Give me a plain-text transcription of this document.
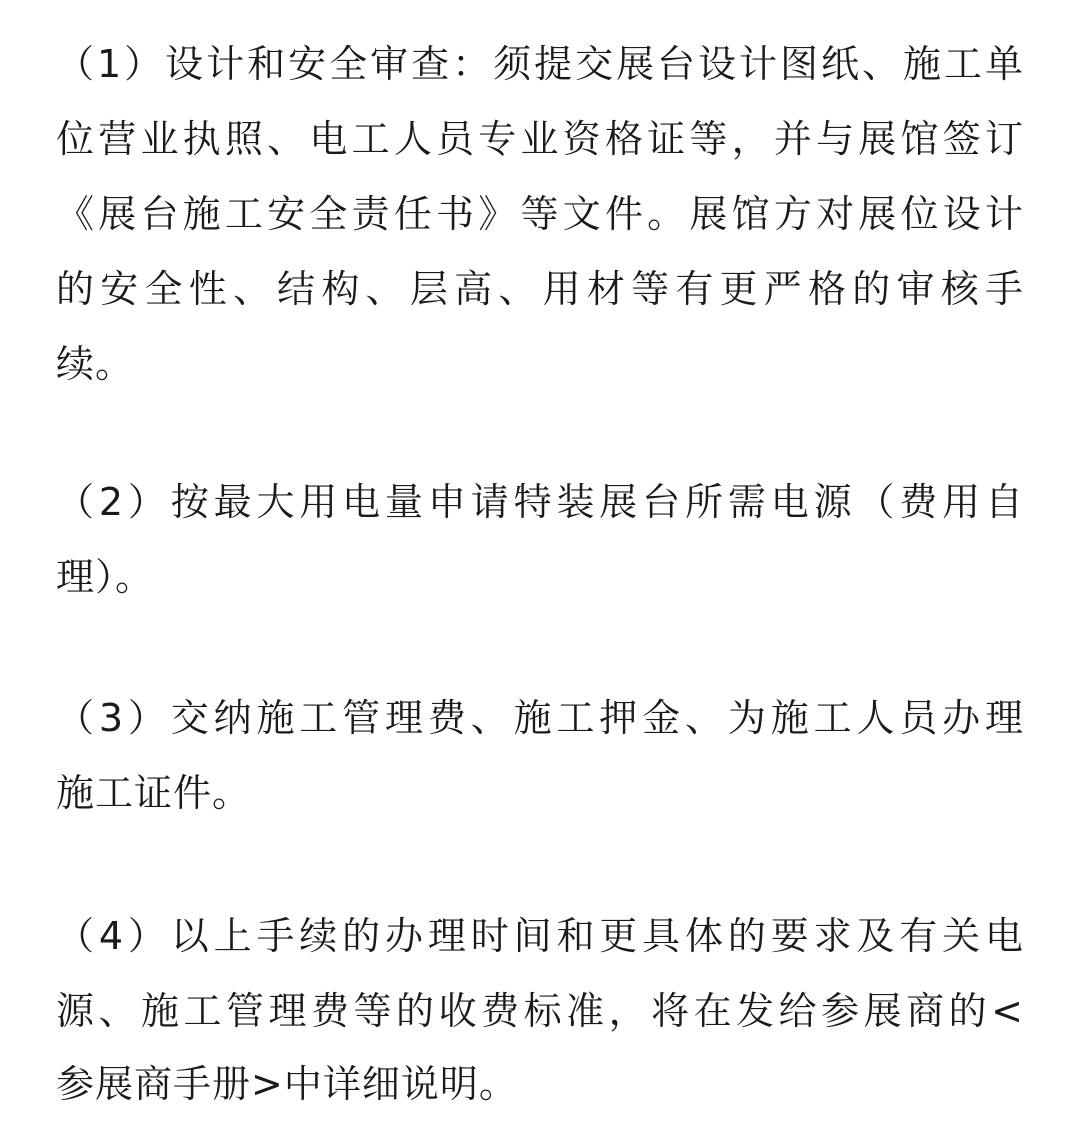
（1）设计和安全审查：须提交展台设计图纸、施工单

位营业执照、电工人员专业资格证等，并与展馆签订

《展台施工安全责任书》等文件。展馆方对展位设计

的安全性、结构、层高、用材等有更严格的审核手

续。

（2）按最大用电量申请特装展台所需电源（费用自

理）。

（3）交纳施工管理费、施工押金、为施工人员办理

施工证件。

（4）以上手续的办理时间和更具体的要求及有关电

源、施工管理费等的收费标准，将在发给参展商的<

参展商手册>中详细说明。
